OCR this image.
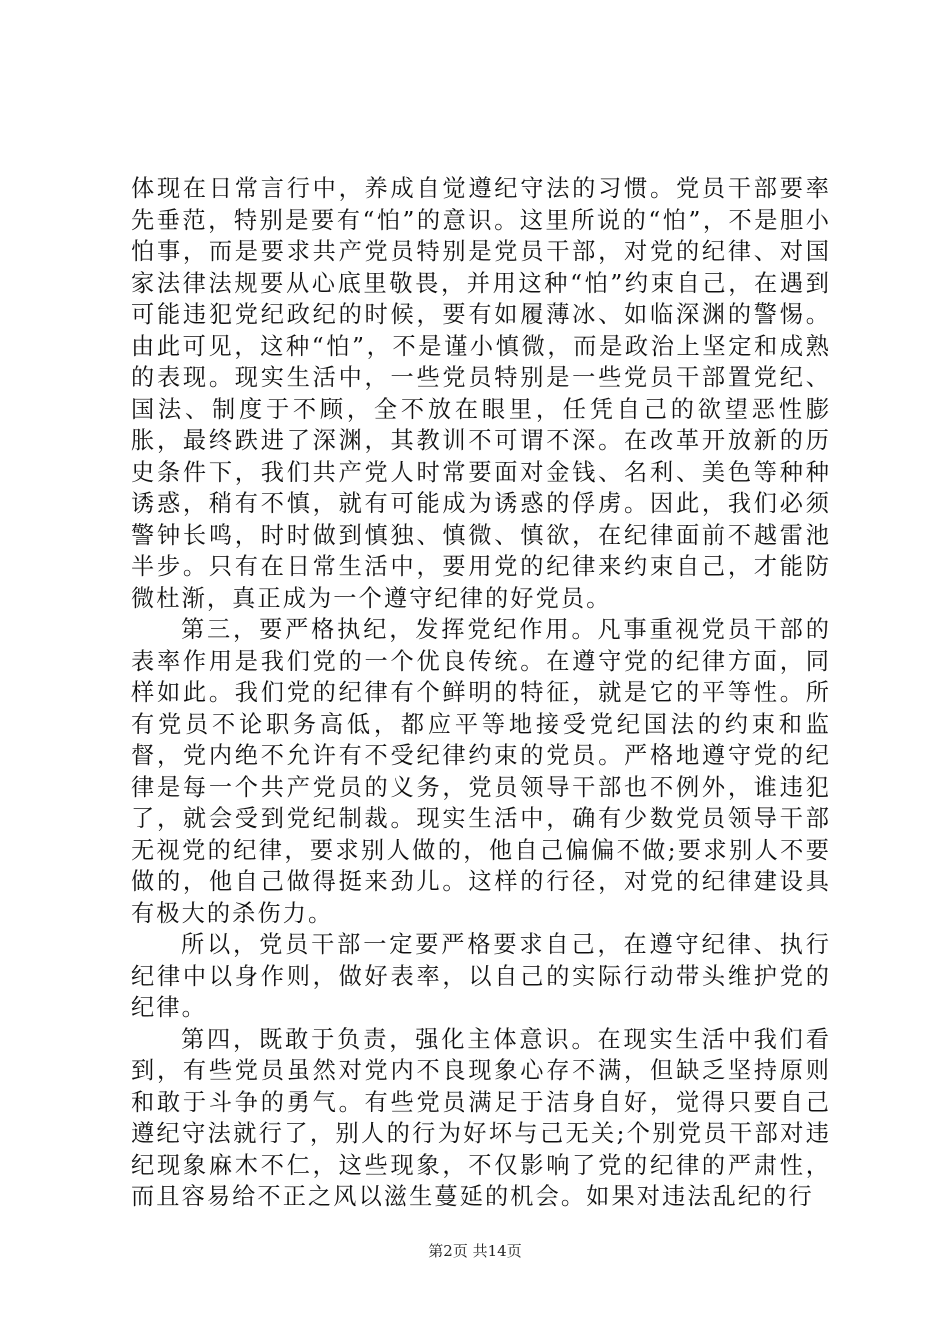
体现在日常言行中，养成自觉遵纪守法的习惯。党员干部要率先垂范，特别是要有“怕”的意识。这里所说的“怕”，不是胆小怕事，而是要求共产党员特别是党员干部，对党的纪律、对国家法律法规要从心底里敬畏，并用这种“怕”约束自己，在遇到可能违犯党纪政纪的时候，要有如履薄冰、如临深渊的警惕。由此可见，这种“怕”，不是谨小慎微，而是政治上坚定和成熟的表现。现实生活中，一些党员特别是一些党员干部置党纪、国法、制度于不顾，全不放在眼里，任凭自己的欲望恶性膨胀，最终跌进了深渊，其教训不可谓不深。在改革开放新的历史条件下，我们共产党人时常要面对金钱、名利、美色等种种诱惑，稍有不慎，就有可能成为诱惑的俘虏。因此，我们必须警钟长鸣，时时做到慎独、慎微、慎欲，在纪律面前不越雷池半步。只有在日常生活中，要用党的纪律来约束自己，才能防微杜渐，真正成为一个遵守纪律的好党员。

第三，要严格执纪，发挥党纪作用。凡事重视党员干部的表率作用是我们党的一个优良传统。在遵守党的纪律方面，同样如此。我们党的纪律有个鲜明的特征，就是它的平等性。所有党员不论职务高低，都应平等地接受党纪国法的约束和监督，党内绝不允许有不受纪律约束的党员。严格地遵守党的纪律是每一个共产党员的义务，党员领导干部也不例外，谁违犯了，就会受到党纪制裁。现实生活中，确有少数党员领导干部无视党的纪律，要求别人做的，他自己偏偏不做;要求别人不要做的，他自己做得挺来劲儿。这样的行径，对党的纪律建设具有极大的杀伤力。

所以，党员干部一定要严格要求自己，在遵守纪律、执行纪律中以身作则，做好表率，以自己的实际行动带头维护党的纪律。

第四，既敢于负责，强化主体意识。在现实生活中我们看到，有些党员虽然对党内不良现象心存不满，但缺乏坚持原则和敢于斗争的勇气。有些党员满足于洁身自好，觉得只要自己遵纪守法就行了，别人的行为好坏与己无关;个别党员干部对违纪现象麻木不仁，这些现象，不仅影响了党的纪律的严肃性，而且容易给不正之风以滋生蔓延的机会。如果对违法乱纪的行

第2页 共14页
